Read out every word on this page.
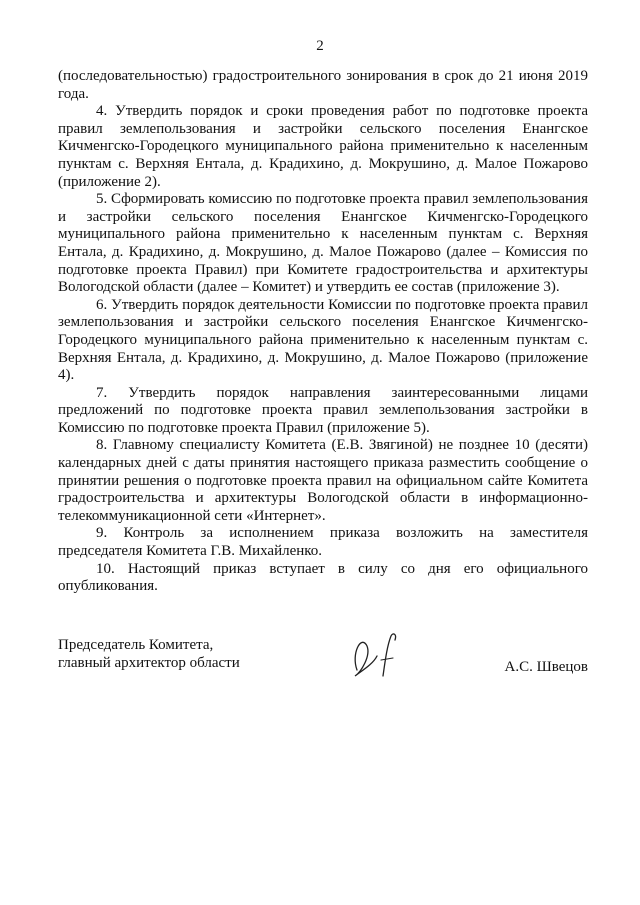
2

(последовательностью) градостроительного зонирования в срок до 21 июня 2019 года.

4. Утвердить порядок и сроки проведения работ по подготовке проекта правил землепользования и застройки сельского поселения Енангское Кичменгско-Городецкого муниципального района применительно к населенным пунктам с. Верхняя Ентала, д. Крадихино, д. Мокрушино, д. Малое Пожарово (приложение 2).

5. Сформировать комиссию по подготовке проекта правил землепользования и застройки сельского поселения Енангское Кичменгско-Городецкого муниципального района применительно к населенным пунктам с. Верхняя Ентала, д. Крадихино, д. Мокрушино, д. Малое Пожарово (далее – Комиссия по подготовке проекта Правил) при Комитете градостроительства и архитектуры Вологодской области (далее – Комитет) и утвердить ее состав (приложение 3).

6. Утвердить порядок деятельности Комиссии по подготовке проекта правил землепользования и застройки сельского поселения Енангское Кичменгско-Городецкого муниципального района применительно к населенным пунктам с. Верхняя Ентала, д. Крадихино, д. Мокрушино, д. Малое Пожарово (приложение 4).

7. Утвердить порядок направления заинтересованными лицами предложений по подготовке проекта правил землепользования застройки в Комиссию по подготовке проекта Правил (приложение 5).

8. Главному специалисту Комитета (Е.В. Звягиной) не позднее 10 (десяти) календарных дней с даты принятия настоящего приказа разместить сообщение о принятии решения о подготовке проекта правил на официальном сайте Комитета градостроительства и архитектуры Вологодской области в информационно-телекоммуникационной сети «Интернет».

9. Контроль за исполнением приказа возложить на заместителя председателя Комитета Г.В. Михайленко.

10. Настоящий приказ вступает в силу со дня его официального опубликования.

Председатель Комитета,
главный архитектор области	А.С. Швецов
